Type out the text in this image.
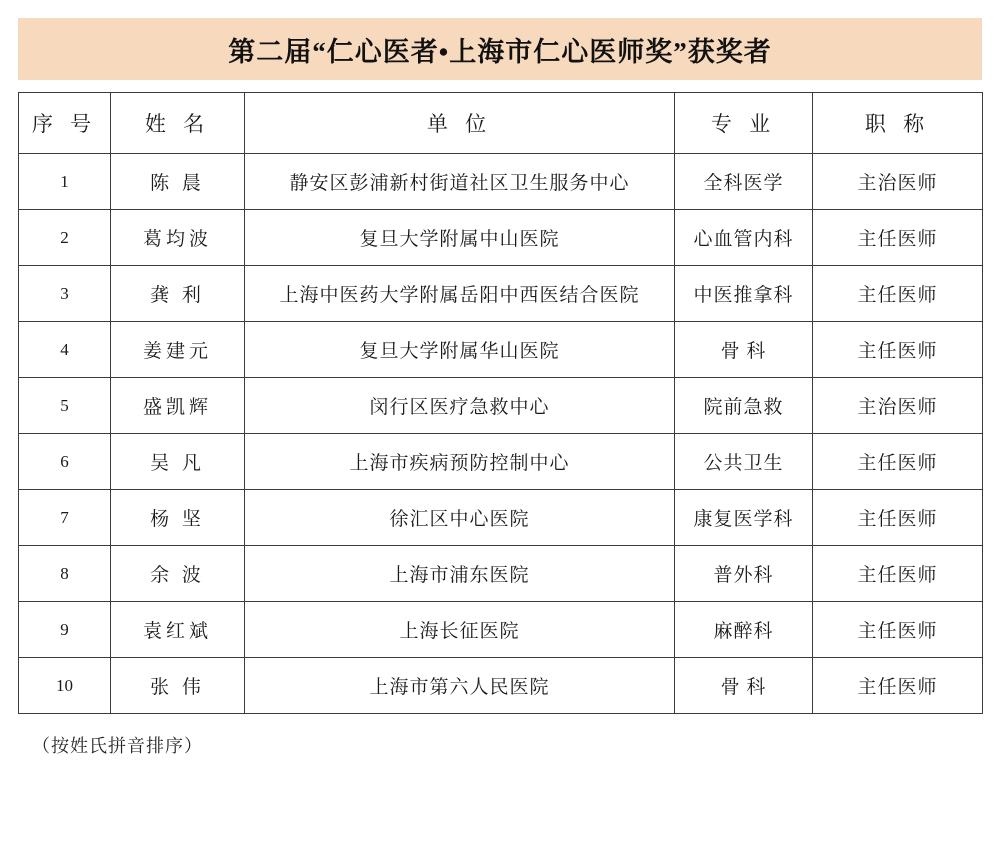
第二届“仁心医者•上海市仁心医师奖”获奖者
序 号	姓 名	单 位	专 业	职 称
1	陈 晨	静安区彭浦新村街道社区卫生服务中心	全科医学	主治医师
2	葛均波	复旦大学附属中山医院	心血管内科	主任医师
3	龚 利	上海中医药大学附属岳阳中西医结合医院	中医推拿科	主任医师
4	姜建元	复旦大学附属华山医院	骨 科	主任医师
5	盛凯辉	闵行区医疗急救中心	院前急救	主治医师
6	吴 凡	上海市疾病预防控制中心	公共卫生	主任医师
7	杨 坚	徐汇区中心医院	康复医学科	主任医师
8	余 波	上海市浦东医院	普外科	主任医师
9	袁红斌	上海长征医院	麻醉科	主任医师
10	张 伟	上海市第六人民医院	骨 科	主任医师
（按姓氏拼音排序）
